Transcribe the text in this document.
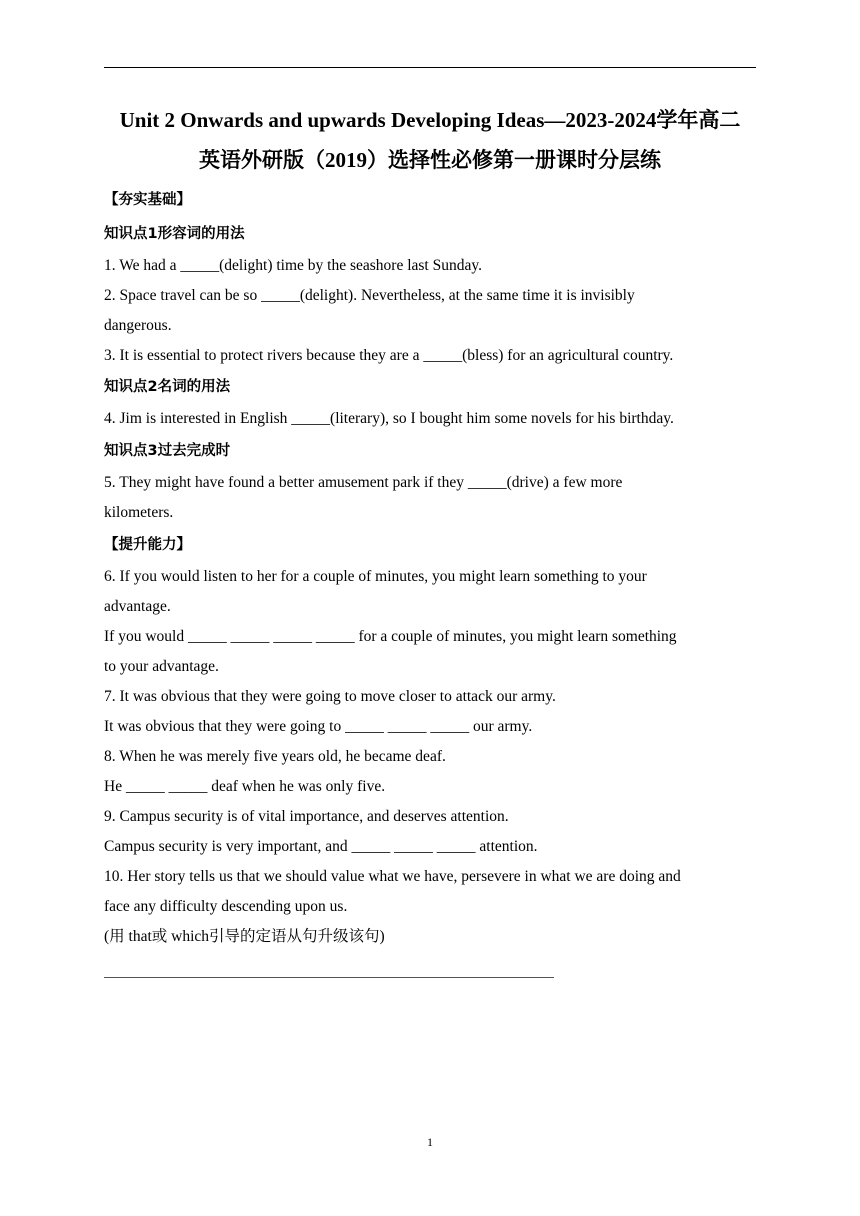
Unit 2 Onwards and upwards Developing Ideas—2023-2024学年高二
英语外研版（2019）选择性必修第一册课时分层练
【夯实基础】
知识点1形容词的用法
1. We had a _____(delight) time by the seashore last Sunday.
2. Space travel can be so _____(delight). Nevertheless, at the same time it is invisibly
dangerous.
3. It is essential to protect rivers because they are a _____(bless) for an agricultural country.
知识点2名词的用法
4. Jim is interested in English _____(literary), so I bought him some novels for his birthday.
知识点3过去完成时
5. They might have found a better amusement park if they _____(drive) a few more
kilometers.
【提升能力】
6. If you would listen to her for a couple of minutes, you might learn something to your
advantage.
If you would _____ _____ _____ _____ for a couple of minutes, you might learn something
to your advantage.
7. It was obvious that they were going to move closer to attack our army.
It was obvious that they were going to _____ _____ _____ our army.
8. When he was merely five years old, he became deaf.
He _____ _____ deaf when he was only five.
9. Campus security is of vital importance, and deserves attention.
Campus security is very important, and _____ _____ _____ attention.
10. Her story tells us that we should value what we have, persevere in what we are doing and
face any difficulty descending upon us.
(用 that或 which引导的定语从句升级该句)
1
